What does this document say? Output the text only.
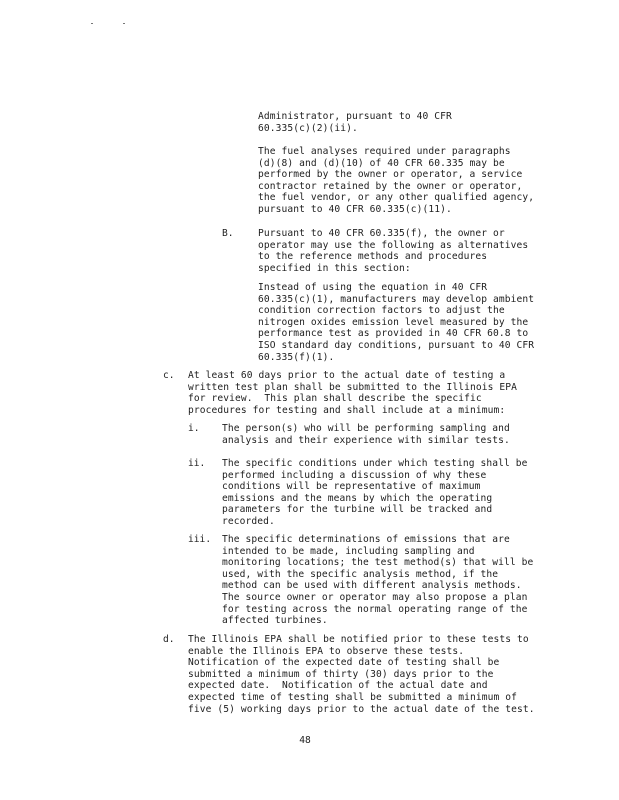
Administrator, pursuant to 40 CFR
60.335(c)(2)(ii).

The fuel analyses required under paragraphs
(d)(8) and (d)(10) of 40 CFR 60.335 may be
performed by the owner or operator, a service
contractor retained by the owner or operator,
the fuel vendor, or any other qualified agency,
pursuant to 40 CFR 60.335(c)(11).

B.	Pursuant to 40 CFR 60.335(f), the owner or
operator may use the following as alternatives
to the reference methods and procedures
specified in this section:

Instead of using the equation in 40 CFR
60.335(c)(1), manufacturers may develop ambient
condition correction factors to adjust the
nitrogen oxides emission level measured by the
performance test as provided in 40 CFR 60.8 to
ISO standard day conditions, pursuant to 40 CFR
60.335(f)(1).

c. At least 60 days prior to the actual date of testing a
written test plan shall be submitted to the Illinois EPA
for review.  This plan shall describe the specific
procedures for testing and shall include at a minimum:

i. The person(s) who will be performing sampling and
analysis and their experience with similar tests.

ii. The specific conditions under which testing shall be
performed including a discussion of why these
conditions will be representative of maximum
emissions and the means by which the operating
parameters for the turbine will be tracked and
recorded.

iii. The specific determinations of emissions that are
intended to be made, including sampling and
monitoring locations; the test method(s) that will be
used, with the specific analysis method, if the
method can be used with different analysis methods.
The source owner or operator may also propose a plan
for testing across the normal operating range of the
affected turbines.

d. The Illinois EPA shall be notified prior to these tests to
enable the Illinois EPA to observe these tests.
Notification of the expected date of testing shall be
submitted a minimum of thirty (30) days prior to the
expected date.  Notification of the actual date and
expected time of testing shall be submitted a minimum of
five (5) working days prior to the actual date of the test.

48
